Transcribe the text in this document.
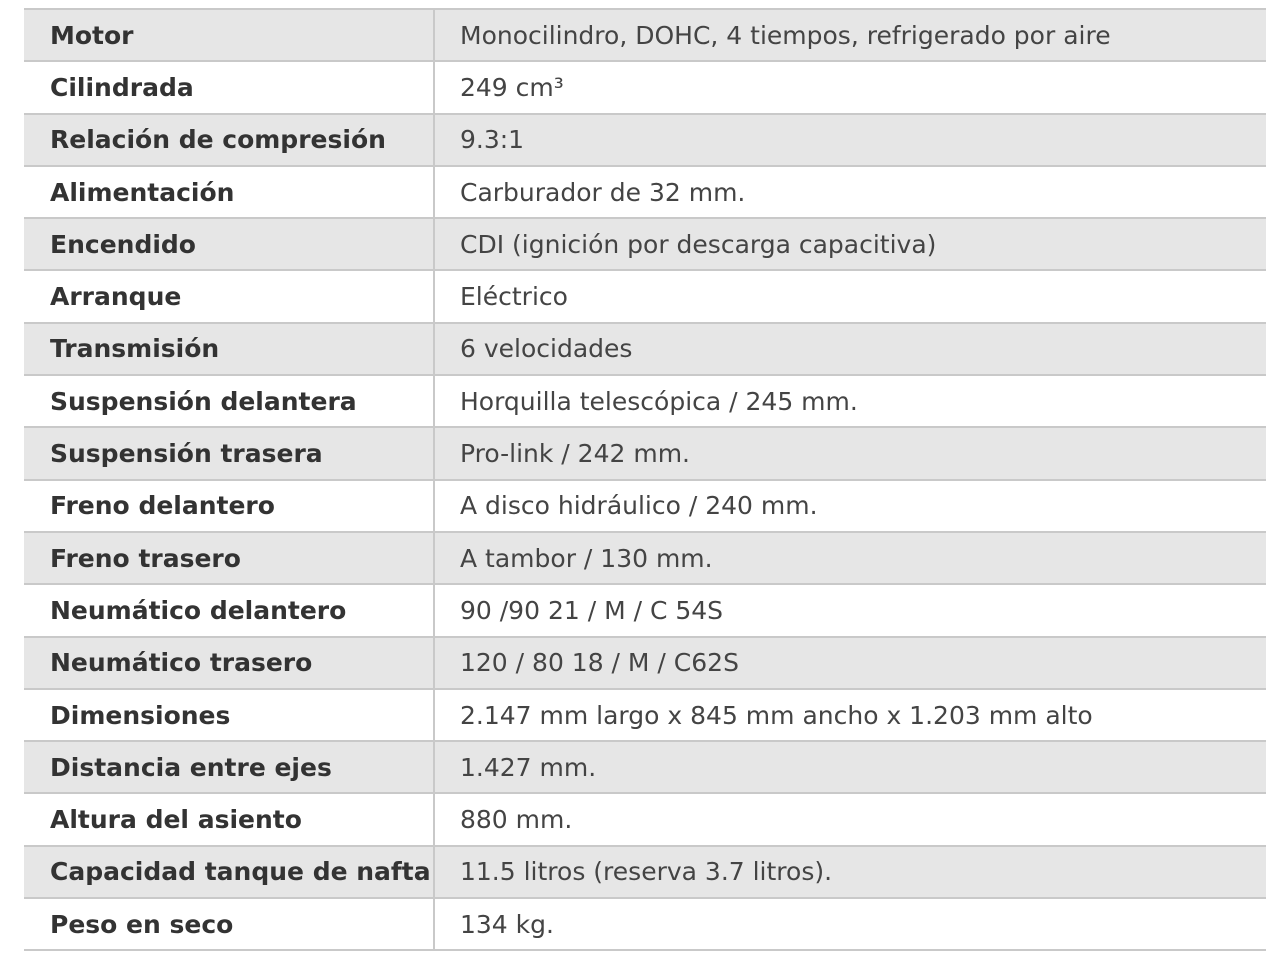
Motor	Monocilindro, DOHC, 4 tiempos, refrigerado por aire
Cilindrada	249 cm³
Relación de compresión	9.3:1
Alimentación	Carburador de 32 mm.
Encendido	CDI (ignición por descarga capacitiva)
Arranque	Eléctrico
Transmisión	6 velocidades
Suspensión delantera	Horquilla telescópica / 245 mm.
Suspensión trasera	Pro-link / 242 mm.
Freno delantero	A disco hidráulico / 240 mm.
Freno trasero	A tambor / 130 mm.
Neumático delantero	90 /90 21 / M / C 54S
Neumático trasero	120 / 80 18 / M / C62S
Dimensiones	2.147 mm largo x 845 mm ancho x 1.203 mm alto
Distancia entre ejes	1.427 mm.
Altura del asiento	880 mm.
Capacidad tanque de nafta	11.5 litros (reserva 3.7 litros).
Peso en seco	134 kg.
